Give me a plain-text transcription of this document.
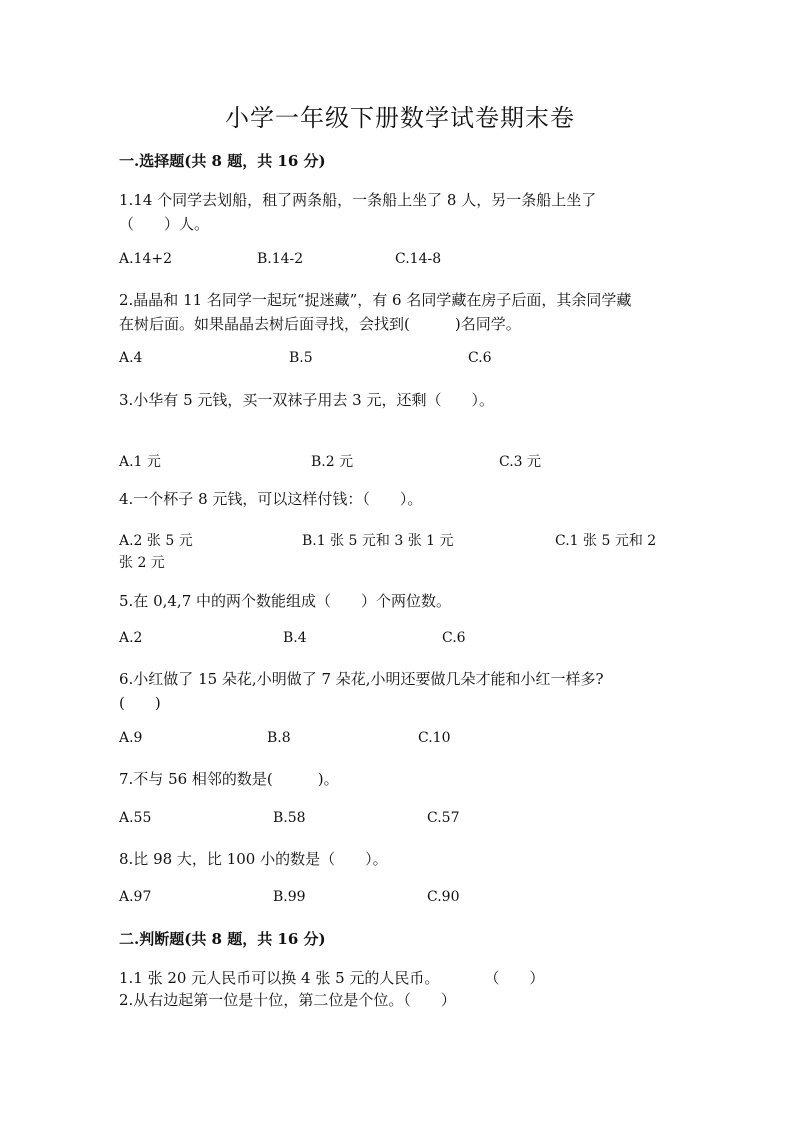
小学一年级下册数学试卷期末卷
一.选择题(共 8 题，共 16 分)
1.14 个同学去划船，租了两条船，一条船上坐了 8 人，另一条船上坐了
（　　）人。
A.14+2	B.14-2	C.14-8
2.晶晶和 11 名同学一起玩“捉迷藏”，有 6 名同学藏在房子后面，其余同学藏
在树后面。如果晶晶去树后面寻找，会找到(　　　)名同学。
A.4	B.5	C.6
3.小华有 5 元钱，买一双袜子用去 3 元，还剩（　　）。
A.1 元	B.2 元	C.3 元
4.一个杯子 8 元钱，可以这样付钱：（　　）。
A.2 张 5 元	B.1 张 5 元和 3 张 1 元	C.1 张 5 元和 2
张 2 元
5.在 0,4,7 中的两个数能组成（　　）个两位数。
A.2	B.4	C.6
6.小红做了 15 朵花,小明做了 7 朵花,小明还要做几朵才能和小红一样多?
(　　)
A.9	B.8	C.10
7.不与 56 相邻的数是(　　　)。
A.55	B.58	C.57
8.比 98 大，比 100 小的数是（　　）。
A.97	B.99	C.90
二.判断题(共 8 题，共 16 分)
1.1 张 20 元人民币可以换 4 张 5 元的人民币。　　　　（　　）
2.从右边起第一位是十位，第二位是个位。（　　）
